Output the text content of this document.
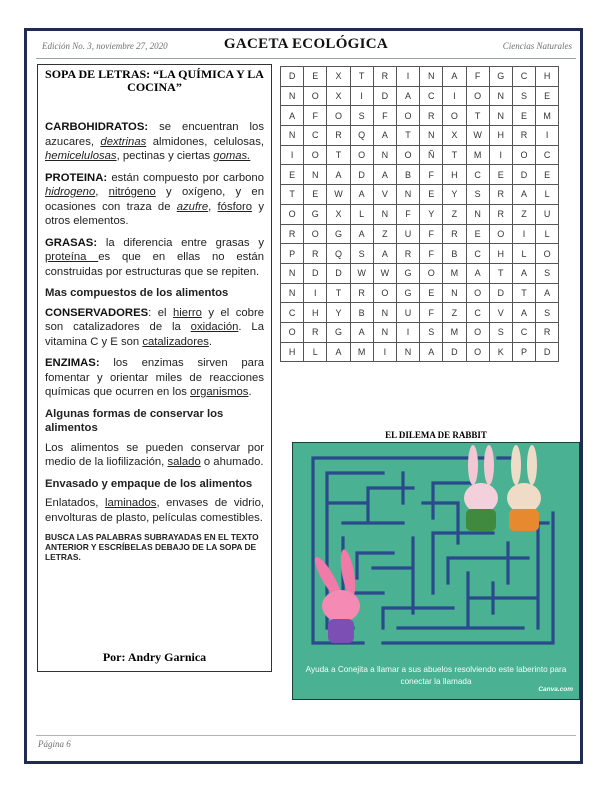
Edición No. 3, noviembre 27, 2020	GACETA ECOLÓGICA	Ciencias Naturales
SOPA DE LETRAS: “LA QUÍMICA Y LA COCINA”

CARBOHIDRATOS: se encuentran los azucares, dextrinas almidones, celulosas, hemicelulosas, pectinas y ciertas gomas.

PROTEINA: están compuesto por carbono hidrogeno, nitrógeno y oxígeno, y en ocasiones con traza de azufre, fósforo y otros elementos.

GRASAS: la diferencia entre grasas y proteína es que en ellas no están construidas por estructuras que se repiten.

Mas compuestos de los alimentos

CONSERVADORES: el hierro y el cobre son catalizadores de la oxidación. La vitamina C y E son catalizadores.

ENZIMAS: los enzimas sirven para fomentar y orientar miles de reacciones químicas que ocurren en los organismos.

Algunas formas de conservar los alimentos

Los alimentos se pueden conservar por medio de la liofilización, salado o ahumado.

Envasado y empaque de los alimentos

Enlatados, laminados, envases de vidrio, envolturas de plasto, películas comestibles.

BUSCA LAS PALABRAS SUBRAYADAS EN EL TEXTO ANTERIOR Y ESCRÍBELAS DEBAJO DE LA SOPA DE LETRAS.

Por: Andry Garnica
D	E	X	T	R	I	N	A	F	G	C	H
N	O	X	I	D	A	C	I	O	N	S	E
A	F	O	S	F	O	R	O	T	N	E	M
N	C	R	Q	A	T	N	X	W	H	R	I
I	O	T	O	N	O	Ñ	T	M	I	O	C
E	N	A	D	A	B	F	H	C	E	D	E
T	E	W	A	V	N	E	Y	S	R	A	L
O	G	X	L	N	F	Y	Z	N	R	Z	U
R	O	G	A	Z	U	F	R	E	O	I	L
P	R	Q	S	A	R	F	B	C	H	L	O
N	D	D	W	W	G	O	M	A	T	A	S
N	I	T	R	O	G	E	N	O	D	T	A
C	H	Y	B	N	U	F	Z	C	V	A	S
O	R	G	A	N	I	S	M	O	S	C	R
H	L	A	M	I	N	A	D	O	K	P	D
EL DILEMA DE RABBIT
Ayuda a Conejita a llamar a sus abuelos resolviendo este laberinto para conectar la llamada
Canva.com
Página 6
